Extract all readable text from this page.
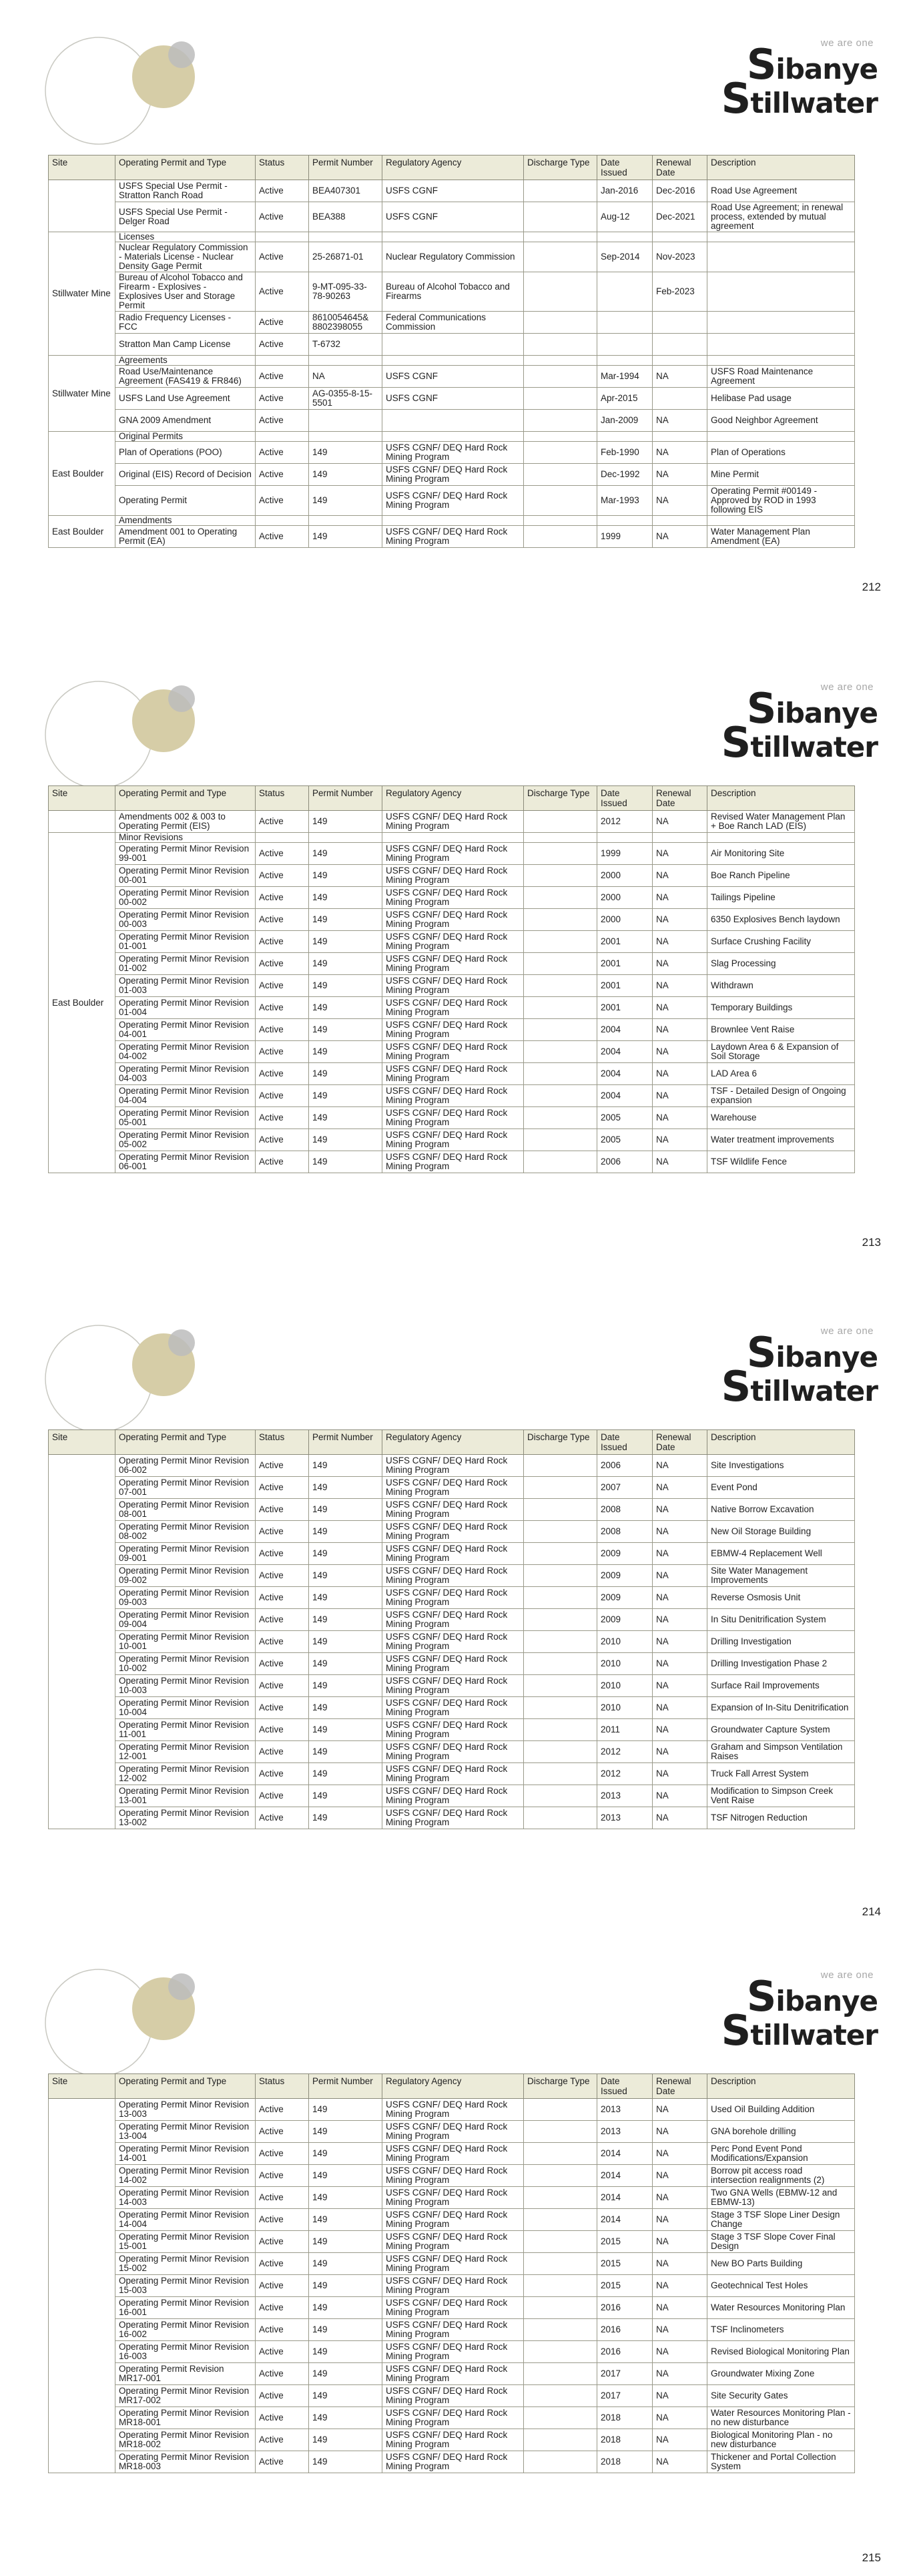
we are one
Sibanye
Stillwater
Site	Operating Permit and Type	Status	Permit Number	Regulatory Agency	Discharge Type	Date Issued	Renewal Date	Description
	USFS Special Use Permit - Stratton Ranch Road	Active	BEA407301	USFS CGNF		Jan-2016	Dec-2016	Road Use Agreement
	USFS Special Use Permit - Delger Road	Active	BEA388	USFS CGNF		Aug-12	Dec-2021	Road Use Agreement; in renewal process, extended by mutual agreement
Stillwater Mine	Licenses							
	Nuclear Regulatory Commission - Materials License - Nuclear Density Gage Permit	Active	25-26871-01	Nuclear Regulatory Commission		Sep-2014	Nov-2023	
	Bureau of Alcohol Tobacco and Firearm - Explosives - Explosives User and Storage Permit	Active	9-MT-095-33-78-90263	Bureau of Alcohol Tobacco and Firearms			Feb-2023	
	Radio Frequency Licenses - FCC	Active	8610054645& 8802398055	Federal Communications Commission				
	Stratton Man Camp License	Active	T-6732					
Stillwater Mine	Agreements							
	Road Use/Maintenance Agreement (FAS419 & FR846)	Active	NA	USFS CGNF		Mar-1994	NA	USFS Road Maintenance Agreement
	USFS Land Use Agreement	Active	AG-0355-8-15-5501	USFS CGNF		Apr-2015		Helibase Pad usage
	GNA 2009 Amendment	Active				Jan-2009	NA	Good Neighbor Agreement
East Boulder	Original Permits							
	Plan of Operations (POO)	Active	149	USFS CGNF/ DEQ Hard Rock Mining Program		Feb-1990	NA	Plan of Operations
	Original (EIS) Record of Decision	Active	149	USFS CGNF/ DEQ Hard Rock Mining Program		Dec-1992	NA	Mine Permit
	Operating Permit	Active	149	USFS CGNF/ DEQ Hard Rock Mining Program		Mar-1993	NA	Operating Permit #00149 - Approved by ROD in 1993 following EIS
East Boulder	Amendments							
	Amendment 001 to Operating Permit (EA)	Active	149	USFS CGNF/ DEQ Hard Rock Mining Program		1999	NA	Water Management Plan Amendment (EA)
212
we are one
Sibanye
Stillwater
Site	Operating Permit and Type	Status	Permit Number	Regulatory Agency	Discharge Type	Date Issued	Renewal Date	Description
	Amendments 002 & 003 to Operating Permit (EIS)	Active	149	USFS CGNF/ DEQ Hard Rock Mining Program		2012	NA	Revised Water Management Plan + Boe Ranch LAD (EIS)
East Boulder	Minor Revisions							
	Operating Permit Minor Revision 99-001	Active	149	USFS CGNF/ DEQ Hard Rock Mining Program		1999	NA	Air Monitoring Site
	Operating Permit Minor Revision 00-001	Active	149	USFS CGNF/ DEQ Hard Rock Mining Program		2000	NA	Boe Ranch Pipeline
	Operating Permit Minor Revision 00-002	Active	149	USFS CGNF/ DEQ Hard Rock Mining Program		2000	NA	Tailings Pipeline
	Operating Permit Minor Revision 00-003	Active	149	USFS CGNF/ DEQ Hard Rock Mining Program		2000	NA	6350 Explosives Bench laydown
	Operating Permit Minor Revision 01-001	Active	149	USFS CGNF/ DEQ Hard Rock Mining Program		2001	NA	Surface Crushing Facility
	Operating Permit Minor Revision 01-002	Active	149	USFS CGNF/ DEQ Hard Rock Mining Program		2001	NA	Slag Processing
	Operating Permit Minor Revision 01-003	Active	149	USFS CGNF/ DEQ Hard Rock Mining Program		2001	NA	Withdrawn
	Operating Permit Minor Revision 01-004	Active	149	USFS CGNF/ DEQ Hard Rock Mining Program		2001	NA	Temporary Buildings
	Operating Permit Minor Revision 04-001	Active	149	USFS CGNF/ DEQ Hard Rock Mining Program		2004	NA	Brownlee Vent Raise
	Operating Permit Minor Revision 04-002	Active	149	USFS CGNF/ DEQ Hard Rock Mining Program		2004	NA	Laydown Area 6 & Expansion of Soil Storage
	Operating Permit Minor Revision 04-003	Active	149	USFS CGNF/ DEQ Hard Rock Mining Program		2004	NA	LAD Area 6
	Operating Permit Minor Revision 04-004	Active	149	USFS CGNF/ DEQ Hard Rock Mining Program		2004	NA	TSF - Detailed Design of Ongoing expansion
	Operating Permit Minor Revision 05-001	Active	149	USFS CGNF/ DEQ Hard Rock Mining Program		2005	NA	Warehouse
	Operating Permit Minor Revision 05-002	Active	149	USFS CGNF/ DEQ Hard Rock Mining Program		2005	NA	Water treatment improvements
	Operating Permit Minor Revision 06-001	Active	149	USFS CGNF/ DEQ Hard Rock Mining Program		2006	NA	TSF Wildlife Fence
213
we are one
Sibanye
Stillwater
Site	Operating Permit and Type	Status	Permit Number	Regulatory Agency	Discharge Type	Date Issued	Renewal Date	Description
	Operating Permit Minor Revision 06-002	Active	149	USFS CGNF/ DEQ Hard Rock Mining Program		2006	NA	Site Investigations
	Operating Permit Minor Revision 07-001	Active	149	USFS CGNF/ DEQ Hard Rock Mining Program		2007	NA	Event Pond
	Operating Permit Minor Revision 08-001	Active	149	USFS CGNF/ DEQ Hard Rock Mining Program		2008	NA	Native Borrow Excavation
	Operating Permit Minor Revision 08-002	Active	149	USFS CGNF/ DEQ Hard Rock Mining Program		2008	NA	New Oil Storage Building
	Operating Permit Minor Revision 09-001	Active	149	USFS CGNF/ DEQ Hard Rock Mining Program		2009	NA	EBMW-4 Replacement Well
	Operating Permit Minor Revision 09-002	Active	149	USFS CGNF/ DEQ Hard Rock Mining Program		2009	NA	Site Water Management Improvements
	Operating Permit Minor Revision 09-003	Active	149	USFS CGNF/ DEQ Hard Rock Mining Program		2009	NA	Reverse Osmosis Unit
	Operating Permit Minor Revision 09-004	Active	149	USFS CGNF/ DEQ Hard Rock Mining Program		2009	NA	In Situ Denitrification System
	Operating Permit Minor Revision 10-001	Active	149	USFS CGNF/ DEQ Hard Rock Mining Program		2010	NA	Drilling Investigation
	Operating Permit Minor Revision 10-002	Active	149	USFS CGNF/ DEQ Hard Rock Mining Program		2010	NA	Drilling Investigation Phase 2
	Operating Permit Minor Revision 10-003	Active	149	USFS CGNF/ DEQ Hard Rock Mining Program		2010	NA	Surface Rail Improvements
	Operating Permit Minor Revision 10-004	Active	149	USFS CGNF/ DEQ Hard Rock Mining Program		2010	NA	Expansion of In-Situ Denitrification
	Operating Permit Minor Revision 11-001	Active	149	USFS CGNF/ DEQ Hard Rock Mining Program		2011	NA	Groundwater Capture System
	Operating Permit Minor Revision 12-001	Active	149	USFS CGNF/ DEQ Hard Rock Mining Program		2012	NA	Graham and Simpson Ventilation Raises
	Operating Permit Minor Revision 12-002	Active	149	USFS CGNF/ DEQ Hard Rock Mining Program		2012	NA	Truck Fall Arrest System
	Operating Permit Minor Revision 13-001	Active	149	USFS CGNF/ DEQ Hard Rock Mining Program		2013	NA	Modification to Simpson Creek Vent Raise
	Operating Permit Minor Revision 13-002	Active	149	USFS CGNF/ DEQ Hard Rock Mining Program		2013	NA	TSF Nitrogen Reduction
214
we are one
Sibanye
Stillwater
Site	Operating Permit and Type	Status	Permit Number	Regulatory Agency	Discharge Type	Date Issued	Renewal Date	Description
	Operating Permit Minor Revision 13-003	Active	149	USFS CGNF/ DEQ Hard Rock Mining Program		2013	NA	Used Oil Building Addition
	Operating Permit Minor Revision 13-004	Active	149	USFS CGNF/ DEQ Hard Rock Mining Program		2013	NA	GNA borehole drilling
	Operating Permit Minor Revision 14-001	Active	149	USFS CGNF/ DEQ Hard Rock Mining Program		2014	NA	Perc Pond Event Pond Modifications/Expansion
	Operating Permit Minor Revision 14-002	Active	149	USFS CGNF/ DEQ Hard Rock Mining Program		2014	NA	Borrow pit access road intersection realignments (2)
	Operating Permit Minor Revision 14-003	Active	149	USFS CGNF/ DEQ Hard Rock Mining Program		2014	NA	Two GNA Wells (EBMW-12 and EBMW-13)
	Operating Permit Minor Revision 14-004	Active	149	USFS CGNF/ DEQ Hard Rock Mining Program		2014	NA	Stage 3 TSF Slope Liner Design Change
	Operating Permit Minor Revision 15-001	Active	149	USFS CGNF/ DEQ Hard Rock Mining Program		2015	NA	Stage 3 TSF Slope Cover Final Design
	Operating Permit Minor Revision 15-002	Active	149	USFS CGNF/ DEQ Hard Rock Mining Program		2015	NA	New BO Parts Building
	Operating Permit Minor Revision 15-003	Active	149	USFS CGNF/ DEQ Hard Rock Mining Program		2015	NA	Geotechnical Test Holes
	Operating Permit Minor Revision 16-001	Active	149	USFS CGNF/ DEQ Hard Rock Mining Program		2016	NA	Water Resources Monitoring Plan
	Operating Permit Minor Revision 16-002	Active	149	USFS CGNF/ DEQ Hard Rock Mining Program		2016	NA	TSF Inclinometers
	Operating Permit Minor Revision 16-003	Active	149	USFS CGNF/ DEQ Hard Rock Mining Program		2016	NA	Revised Biological Monitoring Plan
	Operating Permit Revision MR17-001	Active	149	USFS CGNF/ DEQ Hard Rock Mining Program		2017	NA	Groundwater Mixing Zone
	Operating Permit Minor Revision MR17-002	Active	149	USFS CGNF/ DEQ Hard Rock Mining Program		2017	NA	Site Security Gates
	Operating Permit Minor Revision MR18-001	Active	149	USFS CGNF/ DEQ Hard Rock Mining Program		2018	NA	Water Resources Monitoring Plan - no new disturbance
	Operating Permit Minor Revision MR18-002	Active	149	USFS CGNF/ DEQ Hard Rock Mining Program		2018	NA	Biological Monitoring Plan - no new disturbance
	Operating Permit Minor Revision MR18-003	Active	149	USFS CGNF/ DEQ Hard Rock Mining Program		2018	NA	Thickener and Portal Collection System
215
